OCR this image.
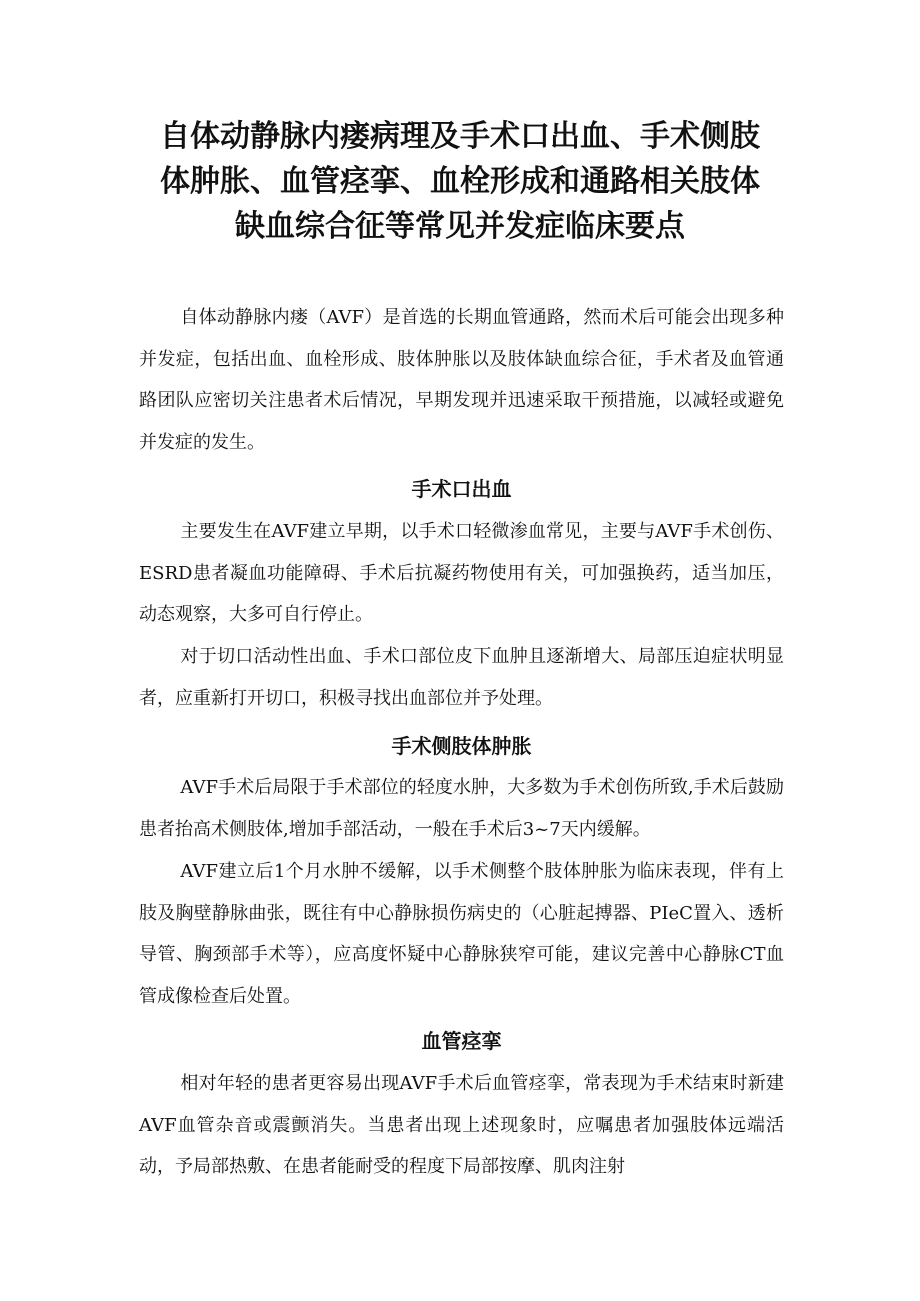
自体动静脉内瘘病理及手术口出血、手术侧肢体肿胀、血管痉挛、血栓形成和通路相关肢体缺血综合征等常见并发症临床要点

自体动静脉内瘘（AVF）是首选的长期血管通路，然而术后可能会出现多种并发症，包括出血、血栓形成、肢体肿胀以及肢体缺血综合征，手术者及血管通路团队应密切关注患者术后情况，早期发现并迅速采取干预措施，以减轻或避免并发症的发生。

手术口出血

主要发生在AVF建立早期，以手术口轻微渗血常见，主要与AVF手术创伤、ESRD患者凝血功能障碍、手术后抗凝药物使用有关，可加强换药，适当加压，动态观察，大多可自行停止。

对于切口活动性出血、手术口部位皮下血肿且逐渐增大、局部压迫症状明显者，应重新打开切口，积极寻找出血部位并予处理。

手术侧肢体肿胀

AVF手术后局限于手术部位的轻度水肿，大多数为手术创伤所致,手术后鼓励患者抬高术侧肢体,增加手部活动，一般在手术后3~7天内缓解。

AVF建立后1个月水肿不缓解，以手术侧整个肢体肿胀为临床表现，伴有上肢及胸壁静脉曲张，既往有中心静脉损伤病史的（心脏起搏器、PIeC置入、透析导管、胸颈部手术等），应高度怀疑中心静脉狭窄可能，建议完善中心静脉CT血管成像检查后处置。

血管痉挛

相对年轻的患者更容易出现AVF手术后血管痉挛，常表现为手术结束时新建AVF血管杂音或震颤消失。当患者出现上述现象时，应嘱患者加强肢体远端活动，予局部热敷、在患者能耐受的程度下局部按摩、肌肉注射
